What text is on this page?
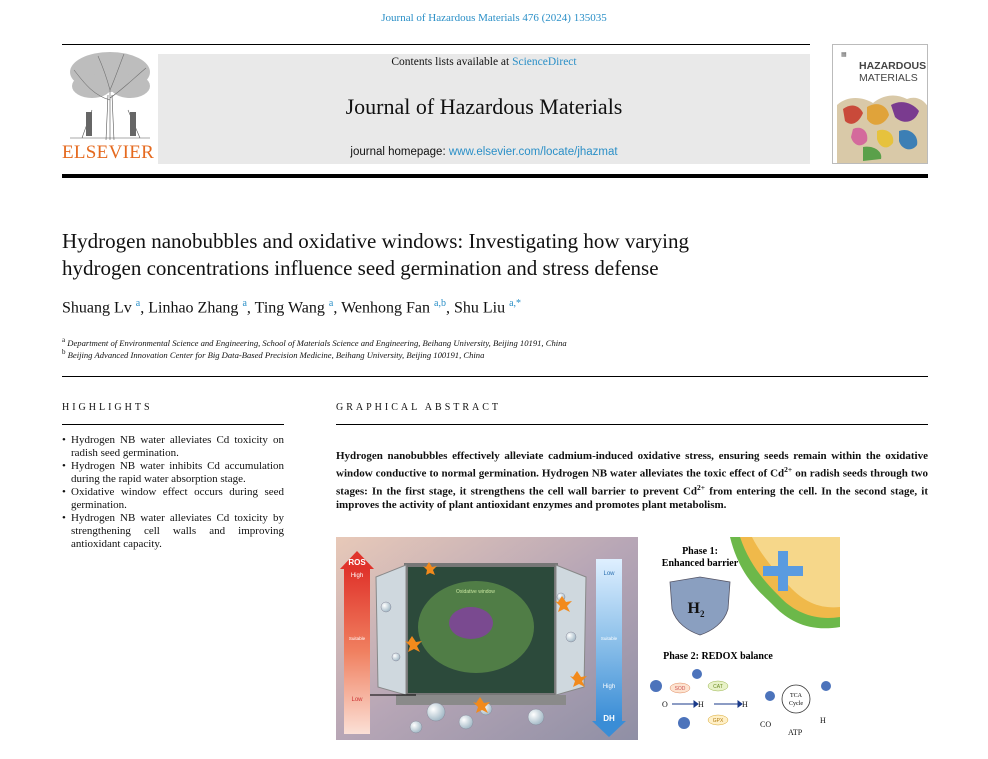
Journal of Hazardous Materials 476 (2024) 135035
ELSEVIER
Contents lists available at ScienceDirect
Journal of Hazardous Materials
journal homepage: www.elsevier.com/locate/jhazmat
▦
HAZARDOUS
MATERIALS
Hydrogen nanobubbles and oxidative windows: Investigating how varying
hydrogen concentrations influence seed germination and stress defense
Shuang Lv $^a$, Linhao Zhang $^a$, Ting Wang $^a$, Wenhong Fan $^{a,b}$, Shu Liu $^{a,*}$
$^a$ Department of Environmental Science and Engineering, School of Materials Science and Engineering, Beihang University, Beijing 10191, China
$^b$ Beijing Advanced Innovation Center for Big Data-Based Precision Medicine, Beihang University, Beijing 100191, China
HIGHLIGHTS	GRAPHICAL ABSTRACT
• Hydrogen NB water alleviates Cd toxicity on radish seed germination.
• Hydrogen NB water inhibits Cd accumulation during the rapid water absorption stage.
• Oxidative window effect occurs during seed germination.
• Hydrogen NB water alleviates Cd toxicity by strengthening cell walls and improving antioxidant capacity.
Hydrogen nanobubbles effectively alleviate cadmium-induced oxidative stress, ensuring seeds remain within the oxidative window conductive to normal germination. Hydrogen NB water alleviates the toxic effect of $Cd^{2+}$ on radish seeds through two stages: In the first stage, it strengthens the cell wall barrier to prevent $Cd^{2+}$ from entering the cell. In the second stage, it improves the activity of plant antioxidant enzymes and promotes plant metabolism.
ROS
High
Suitable
Low
Low
Suitable
High
DH
Oxidative window
Phase 1:
Enhanced barrier
$H_2$
Phase 2: REDOX balance
O	H	H
CO
ATP
H
SOD	CAT
GPX
TCA
Cycle
